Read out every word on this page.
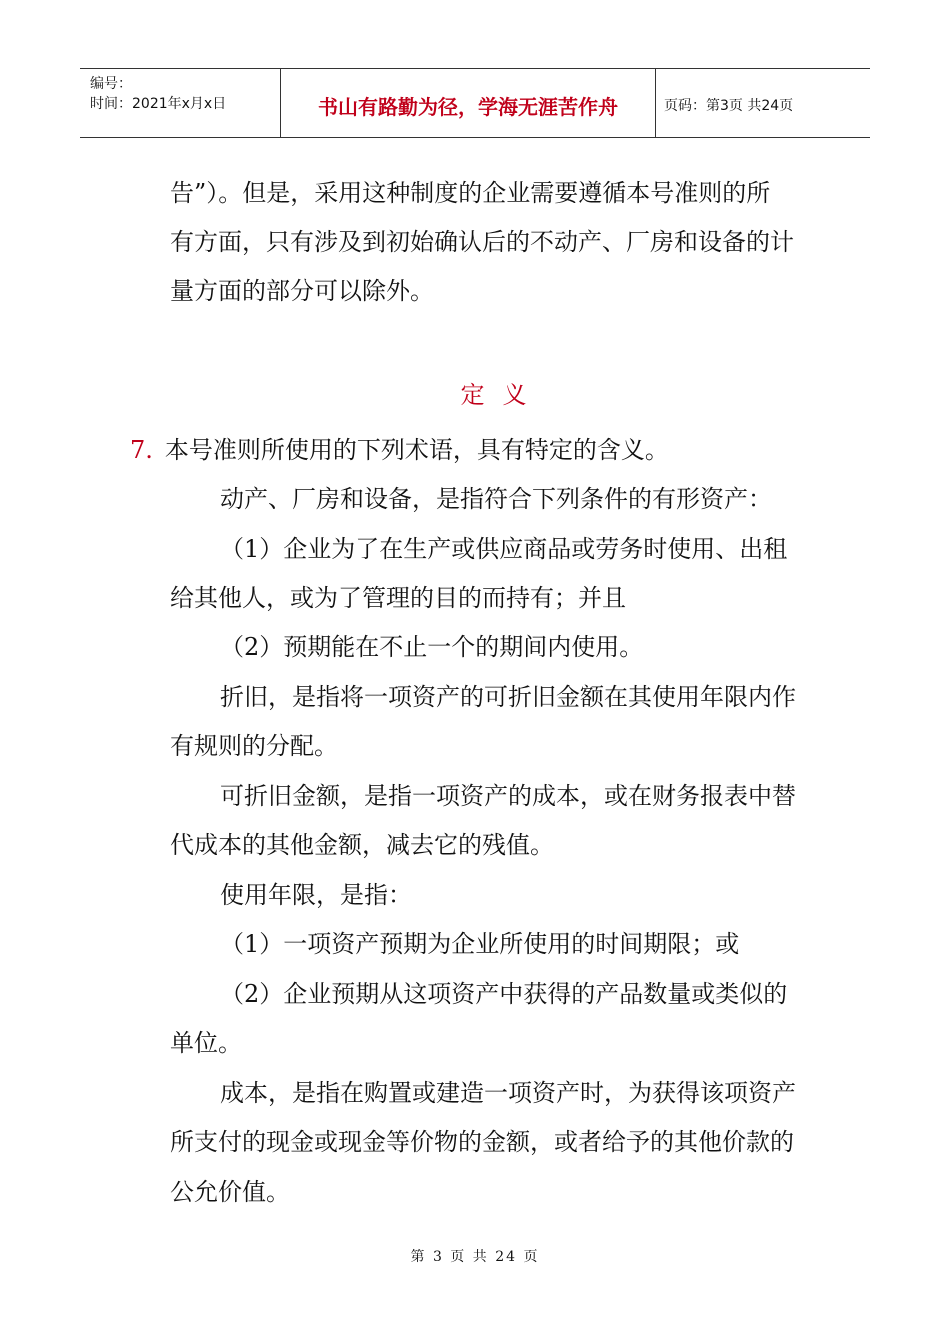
编号：
时间：2021年x月x日	书山有路勤为径，学海无涯苦作舟	页码：第3页 共24页
告”）。但是，采用这种制度的企业需要遵循本号准则的所
有方面，只有涉及到初始确认后的不动产、厂房和设备的计
量方面的部分可以除外。
定义
7. 本号准则所使用的下列术语，具有特定的含义。
动产、厂房和设备，是指符合下列条件的有形资产：
（1）企业为了在生产或供应商品或劳务时使用、出租
给其他人，或为了管理的目的而持有；并且
（2）预期能在不止一个的期间内使用。
折旧，是指将一项资产的可折旧金额在其使用年限内作
有规则的分配。
可折旧金额，是指一项资产的成本，或在财务报表中替
代成本的其他金额，减去它的残值。
使用年限，是指：
（1）一项资产预期为企业所使用的时间期限；或
（2）企业预期从这项资产中获得的产品数量或类似的
单位。
成本，是指在购置或建造一项资产时，为获得该项资产
所支付的现金或现金等价物的金额，或者给予的其他价款的
公允价值。
第 3 页 共 24 页
